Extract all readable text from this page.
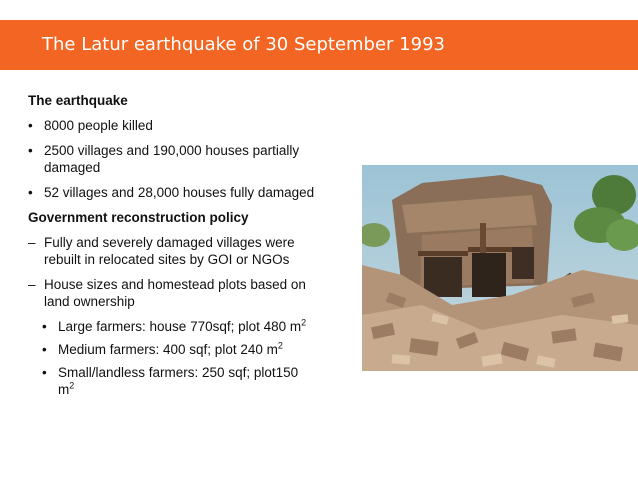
The Latur earthquake of 30 September 1993
The earthquake
• 8000 people killed
• 2500 villages and 190,000 houses partially damaged
• 52 villages and 28,000 houses fully damaged
Government reconstruction policy
– Fully and severely damaged villages were rebuilt in relocated sites by GOI or NGOs
– House sizes and homestead plots based on land ownership
• Large farmers: house 770sqf; plot 480 $m^2$
• Medium farmers: 400 sqf; plot 240 $m^2$
• Small/landless farmers: 250 sqf; plot150 $m^2$
